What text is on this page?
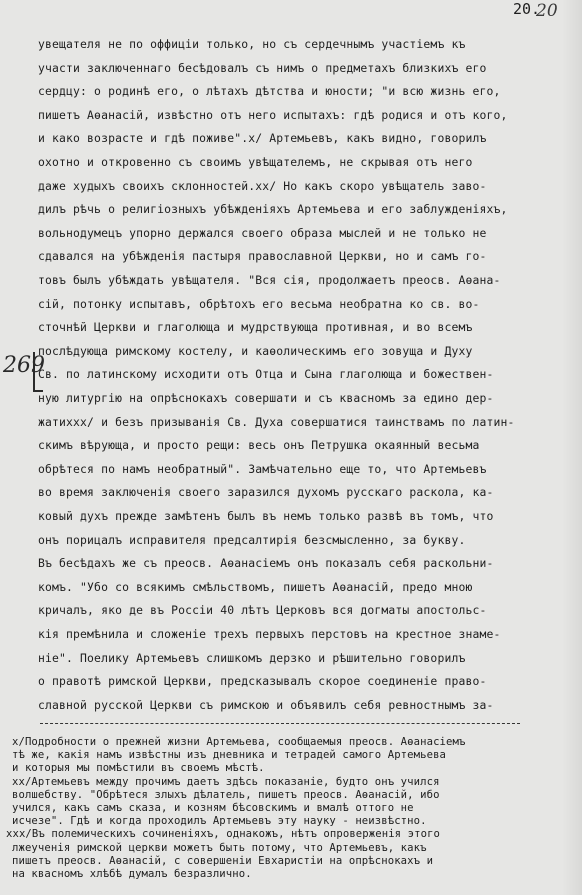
20.
20
269
увещателя не по оффиціи только, но съ сердечнымъ участіемъ къ
участи заключеннаго бесѣдовалъ съ нимъ о предметахъ близкихъ его
сердцу: о родинѣ его, о лѣтахъ дѣтства и юности; "и всю жизнь его,
пишетъ Аѳанасій, извѣстно отъ него испытахъ: гдѣ родися и отъ кого,
и како возрасте и гдѣ поживе".x/ Артемьевъ, какъ видно, говорилъ
охотно и откровенно съ своимъ увѣщателемъ, не скрывая отъ него
даже худыхъ своихъ склонностей.xx/ Но какъ скоро увѣщатель заво-
дилъ рѣчь о религіозныхъ убѣжденіяхъ Артемьева и его заблужденіяхъ,
вольнодумецъ упорно держался своего образа мыслей и не только не
сдавался на убѣжденія пастыря православной Церкви, но и самъ го-
товъ былъ убѣждать увѣщателя. "Вся сія, продолжаетъ преосв. Аѳана-
сій, потонку испытавъ, обрѣтохъ его весьма необратна ко св. во-
сточнѣй Церкви и глаголюща и мудрствующа противная, и во всемъ
послѣдующа римскому костелу, и каѳолическимъ его зовуща и Духу
Св. по латинскому исходити отъ Отца и Сына глаголюща и божествен-
ную литургію на опрѣснокахъ совершати и съ квасномъ за едино дер-
жатиxxx/ и безъ призыванія Св. Духа совершатися таинствамъ по латин-
скимъ вѣрующа, и просто рещи: весь онъ Петрушка окаянный весьма
обрѣтеся по намъ необратный". Замѣчательно еще то, что Артемьевъ
во время заключенія своего заразился духомъ русскаго раскола, ка-
ковый духъ прежде замѣтенъ былъ въ немъ только развѣ въ томъ, что
онъ порицалъ исправителя предсалтирія безсмысленно, за букву.
Въ бесѣдахъ же съ преосв. Аѳанасіемъ онъ показалъ себя раскольни-
комъ. "Убо со всякимъ смѣльствомъ, пишетъ Аѳанасій, предо мною
кричалъ, яко де въ Россіи 40 лѣтъ Церковъ вся догматы апостольс-
кія премѣнила и сложеніе трехъ первыхъ перстовъ на крестное знаме-
ніе". Поелику Артемьевъ слишкомъ дерзко и рѣшительно говорилъ
о правотѣ римской Церкви, предсказывалъ скорое соединеніе право-
славной русской Церкви съ римскою и объявилъ себя ревностнымъ за-
x/Подробности о прежней жизни Артемьева, сообщаемыя преосв. Аѳанасіемъ
тѣ же, какія намъ извѣстны изъ дневника и тетрадей самого Артемьева
и которыя мы помѣстили въ своемъ мѣстѣ.
xx/Артемьевъ между прочимъ даетъ здѣсь показаніе, будто онъ учился
волшебству. "Обрѣтеся злыхъ дѣлатель, пишетъ преосв. Аѳанасій, ибо
учился, какъ самъ сказа, и козням бѣсовскимъ и вмалѣ оттого не
исчезе". Гдѣ и когда проходилъ Артемьевъ эту науку - неизвѣстно.
xxx/Въ полемическихъ сочиненіяхъ, однакожъ, нѣтъ опроверженія этого
лжеученія римской церкви можетъ быть потому, что Артемьевъ, какъ
пишетъ преосв. Аѳанасій, с совершеніи Евхаристіи на опрѣснокахъ и
на квасномъ хлѣбѣ думалъ безразлично.
